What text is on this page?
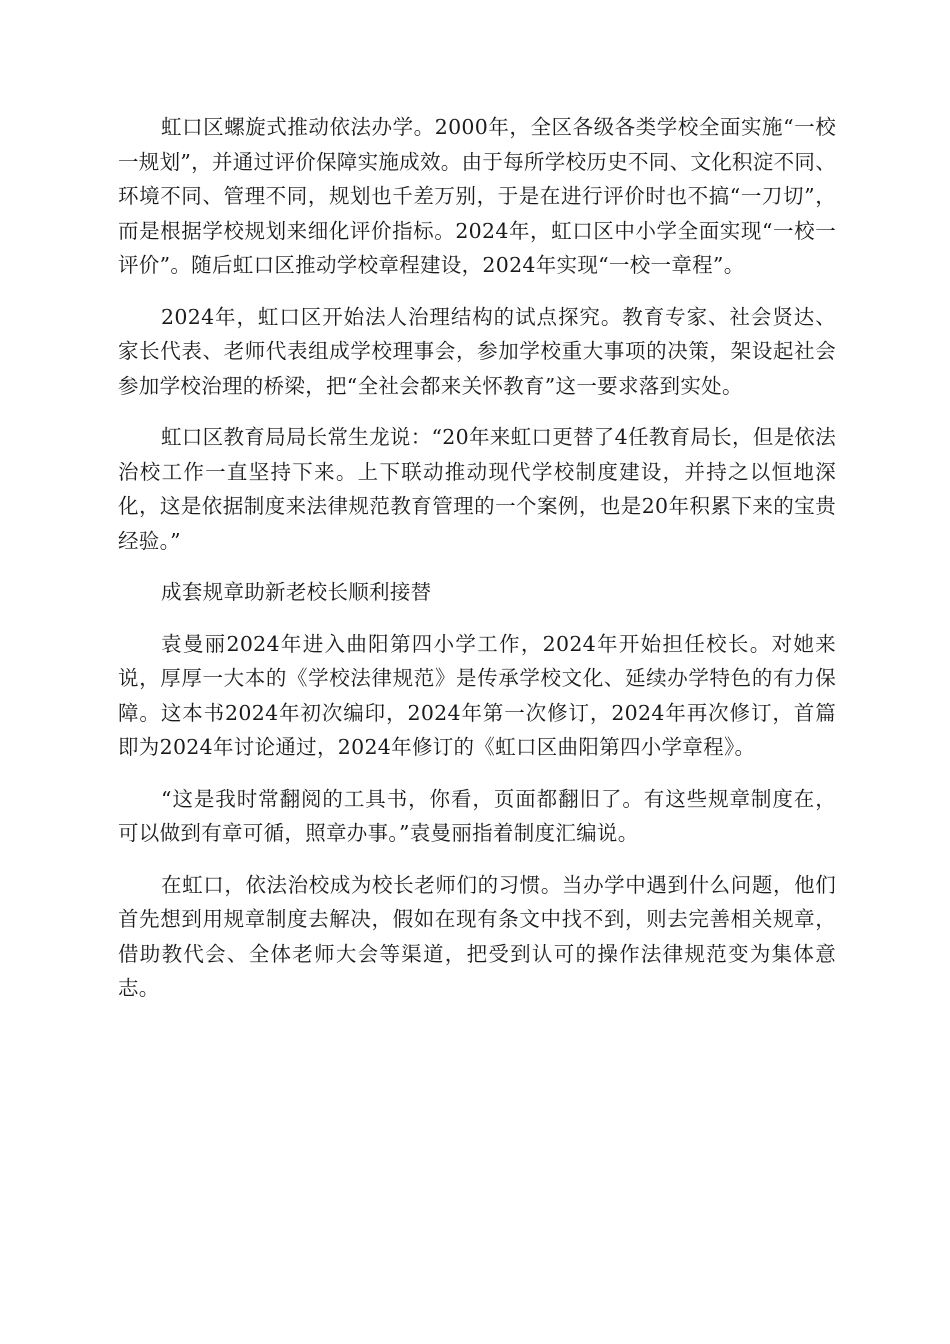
虹口区螺旋式推动依法办学。2000年，全区各级各类学校全面实施“一校一规划”，并通过评价保障实施成效。由于每所学校历史不同、文化积淀不同、环境不同、管理不同，规划也千差万别，于是在进行评价时也不搞“一刀切”，而是根据学校规划来细化评价指标。2024年，虹口区中小学全面实现“一校一评价”。随后虹口区推动学校章程建设，2024年实现“一校一章程”。

2024年，虹口区开始法人治理结构的试点探究。教育专家、社会贤达、家长代表、老师代表组成学校理事会，参加学校重大事项的决策，架设起社会参加学校治理的桥梁，把“全社会都来关怀教育”这一要求落到实处。

虹口区教育局局长常生龙说：“20年来虹口更替了4任教育局长，但是依法治校工作一直坚持下来。上下联动推动现代学校制度建设，并持之以恒地深化，这是依据制度来法律规范教育管理的一个案例，也是20年积累下来的宝贵经验。”

成套规章助新老校长顺利接替

袁曼丽2024年进入曲阳第四小学工作，2024年开始担任校长。对她来说，厚厚一大本的《学校法律规范》是传承学校文化、延续办学特色的有力保障。这本书2024年初次编印，2024年第一次修订，2024年再次修订，首篇即为2024年讨论通过，2024年修订的《虹口区曲阳第四小学章程》。

“这是我时常翻阅的工具书，你看，页面都翻旧了。有这些规章制度在，可以做到有章可循，照章办事。”袁曼丽指着制度汇编说。

在虹口，依法治校成为校长老师们的习惯。当办学中遇到什么问题，他们首先想到用规章制度去解决，假如在现有条文中找不到，则去完善相关规章，借助教代会、全体老师大会等渠道，把受到认可的操作法律规范变为集体意志。
